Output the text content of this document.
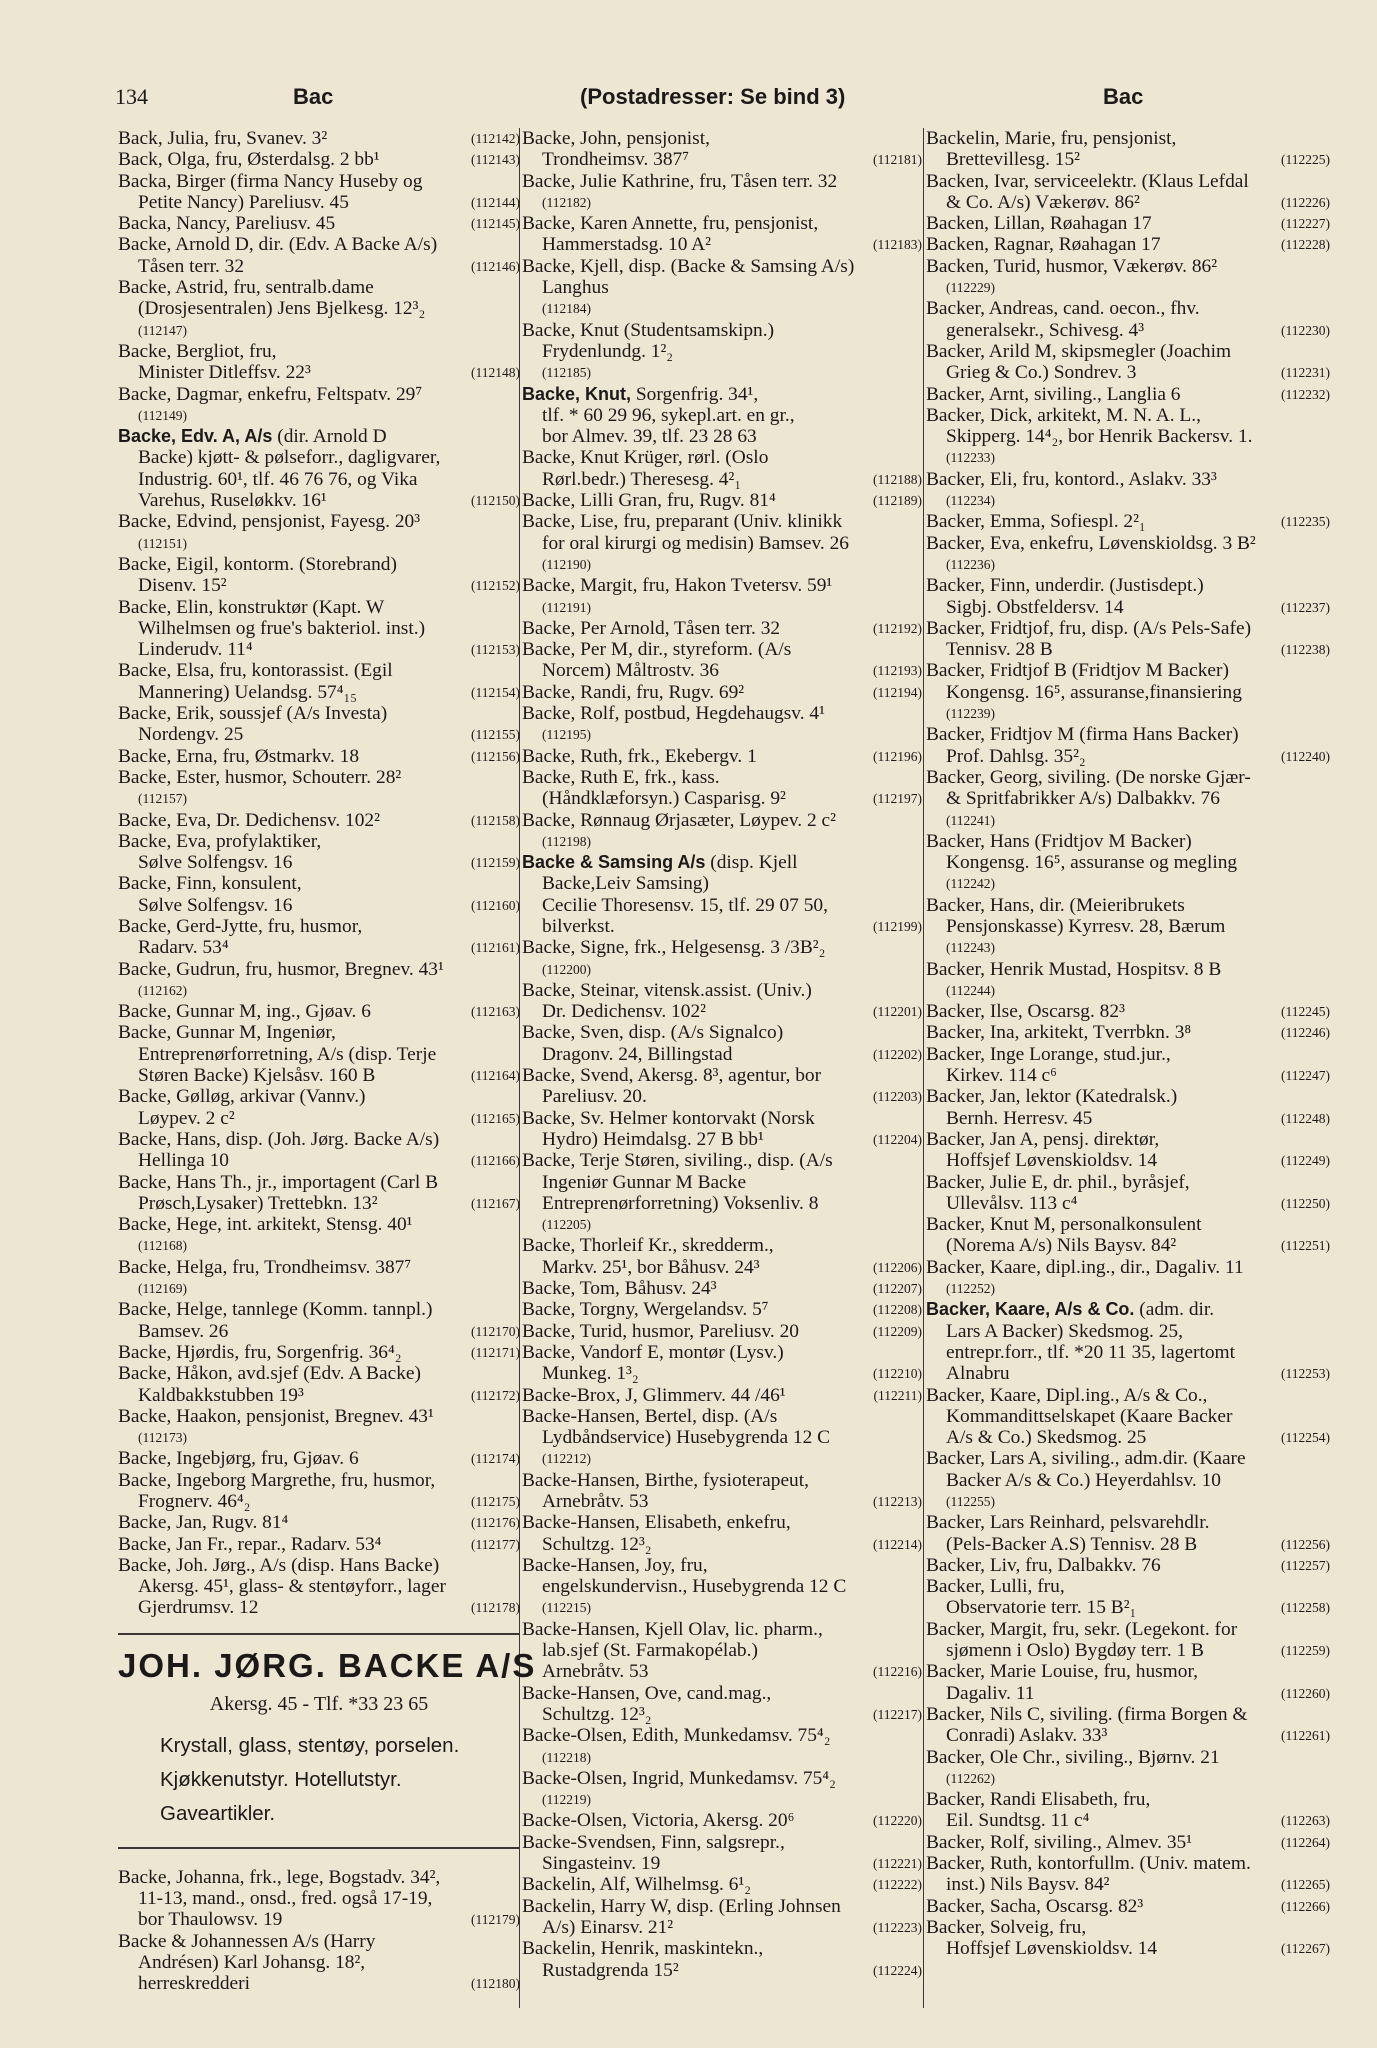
134	Bac	(Postadresser: Se bind 3)	Bac
Back, Julia, fru, Svanev. 3²	(112142)
Back, Olga, fru, Østerdalsg. 2 bb¹	(112143)
Backa, Birger (firma Nancy Huseby og
Petite Nancy) Pareliusv. 45	(112144)
Backa, Nancy, Pareliusv. 45	(112145)
Backe, Arnold D, dir. (Edv. A Backe A/s)
Tåsen terr. 32	(112146)
Backe, Astrid, fru, sentralb.dame
(Drosjesentralen) Jens Bjelkesg. 12³₂
(112147)
Backe, Bergliot, fru,
Minister Ditleffsv. 22³	(112148)
Backe, Dagmar, enkefru, Feltspatv. 29⁷
(112149)
Backe, Edv. A, A/s (dir. Arnold D
Backe) kjøtt- & pølseforr., dagligvarer,
Industrig. 60¹, tlf. 46 76 76, og Vika
Varehus, Ruseløkkv. 16¹	(112150)
Backe, Edvind, pensjonist, Fayesg. 20³
(112151)
Backe, Eigil, kontorm. (Storebrand)
Disenv. 15²	(112152)
Backe, Elin, konstruktør (Kapt. W
Wilhelmsen og frue's bakteriol. inst.)
Linderudv. 11⁴	(112153)
Backe, Elsa, fru, kontorassist. (Egil
Mannering) Uelandsg. 57⁴₁₅	(112154)
Backe, Erik, soussjef (A/s Investa)
Nordengv. 25	(112155)
Backe, Erna, fru, Østmarkv. 18	(112156)
Backe, Ester, husmor, Schouterr. 28²
(112157)
Backe, Eva, Dr. Dedichensv. 102²	(112158)
Backe, Eva, profylaktiker,
Sølve Solfengsv. 16	(112159)
Backe, Finn, konsulent,
Sølve Solfengsv. 16	(112160)
Backe, Gerd-Jytte, fru, husmor,
Radarv. 53⁴	(112161)
Backe, Gudrun, fru, husmor, Bregnev. 43¹
(112162)
Backe, Gunnar M, ing., Gjøav. 6	(112163)
Backe, Gunnar M, Ingeniør,
Entreprenørforretning, A/s (disp. Terje
Støren Backe) Kjelsåsv. 160 B	(112164)
Backe, Gølløg, arkivar (Vannv.)
Løypev. 2 c²	(112165)
Backe, Hans, disp. (Joh. Jørg. Backe A/s)
Hellinga 10	(112166)
Backe, Hans Th., jr., importagent (Carl B
Prøsch,Lysaker) Trettebkn. 13²	(112167)
Backe, Hege, int. arkitekt, Stensg. 40¹
(112168)
Backe, Helga, fru, Trondheimsv. 387⁷
(112169)
Backe, Helge, tannlege (Komm. tannpl.)
Bamsev. 26	(112170)
Backe, Hjørdis, fru, Sorgenfrig. 36⁴₂	(112171)
Backe, Håkon, avd.sjef (Edv. A Backe)
Kaldbakkstubben 19³	(112172)
Backe, Haakon, pensjonist, Bregnev. 43¹
(112173)
Backe, Ingebjørg, fru, Gjøav. 6	(112174)
Backe, Ingeborg Margrethe, fru, husmor,
Frognerv. 46⁴₂	(112175)
Backe, Jan, Rugv. 81⁴	(112176)
Backe, Jan Fr., repar., Radarv. 53⁴	(112177)
Backe, Joh. Jørg., A/s (disp. Hans Backe)
Akersg. 45¹, glass- & stentøyforr., lager
Gjerdrumsv. 12	(112178)
JOH. JØRG. BACKE A/S
Akersg. 45 - Tlf. *33 23 65
Krystall, glass, stentøy, porselen.
Kjøkkenutstyr. Hotellutstyr.
Gaveartikler.
Backe, Johanna, frk., lege, Bogstadv. 34²,
11-13, mand., onsd., fred. også 17-19,
bor Thaulowsv. 19	(112179)
Backe & Johannessen A/s (Harry
Andrésen) Karl Johansg. 18²,
herreskredderi	(112180)
Backe, John, pensjonist,
Trondheimsv. 387⁷	(112181)
Backe, Julie Kathrine, fru, Tåsen terr. 32
(112182)
Backe, Karen Annette, fru, pensjonist,
Hammerstadsg. 10 A²	(112183)
Backe, Kjell, disp. (Backe & Samsing A/s)
Langhus
(112184)
Backe, Knut (Studentsamskipn.)
Frydenlundg. 1²₂
(112185)
Backe, Knut, Sorgenfrig. 34¹,
tlf. * 60 29 96, sykepl.art. en gr.,
bor Almev. 39, tlf. 23 28 63
Backe, Knut Krüger, rørl. (Oslo
Rørl.bedr.) Theresesg. 4²₁	(112188)
Backe, Lilli Gran, fru, Rugv. 81⁴	(112189)
Backe, Lise, fru, preparant (Univ. klinikk
for oral kirurgi og medisin) Bamsev. 26
(112190)
Backe, Margit, fru, Hakon Tvetersv. 59¹
(112191)
Backe, Per Arnold, Tåsen terr. 32	(112192)
Backe, Per M, dir., styreform. (A/s
Norcem) Måltrostv. 36	(112193)
Backe, Randi, fru, Rugv. 69²	(112194)
Backe, Rolf, postbud, Hegdehaugsv. 4¹
(112195)
Backe, Ruth, frk., Ekebergv. 1	(112196)
Backe, Ruth E, frk., kass.
(Håndklæforsyn.) Casparisg. 9²	(112197)
Backe, Rønnaug Ørjasæter, Løypev. 2 c²
(112198)
Backe & Samsing A/s (disp. Kjell
Backe,Leiv Samsing)
Cecilie Thoresensv. 15, tlf. 29 07 50,
bilverkst.	(112199)
Backe, Signe, frk., Helgesensg. 3 /3B²₂
(112200)
Backe, Steinar, vitensk.assist. (Univ.)
Dr. Dedichensv. 102²	(112201)
Backe, Sven, disp. (A/s Signalco)
Dragonv. 24, Billingstad	(112202)
Backe, Svend, Akersg. 8³, agentur, bor
Pareliusv. 20.	(112203)
Backe, Sv. Helmer kontorvakt (Norsk
Hydro) Heimdalsg. 27 B bb¹	(112204)
Backe, Terje Støren, siviling., disp. (A/s
Ingeniør Gunnar M Backe
Entreprenørforretning) Voksenliv. 8
(112205)
Backe, Thorleif Kr., skredderm.,
Markv. 25¹, bor Båhusv. 24³	(112206)
Backe, Tom, Båhusv. 24³	(112207)
Backe, Torgny, Wergelandsv. 5⁷	(112208)
Backe, Turid, husmor, Pareliusv. 20	(112209)
Backe, Vandorf E, montør (Lysv.)
Munkeg. 1³₂	(112210)
Backe-Brox, J, Glimmerv. 44 /46¹	(112211)
Backe-Hansen, Bertel, disp. (A/s
Lydbåndservice) Husebygrenda 12 C
(112212)
Backe-Hansen, Birthe, fysioterapeut,
Arnebråtv. 53	(112213)
Backe-Hansen, Elisabeth, enkefru,
Schultzg. 12³₂	(112214)
Backe-Hansen, Joy, fru,
engelskundervisn., Husebygrenda 12 C
(112215)
Backe-Hansen, Kjell Olav, lic. pharm.,
lab.sjef (St. Farmakopélab.)
Arnebråtv. 53	(112216)
Backe-Hansen, Ove, cand.mag.,
Schultzg. 12³₂	(112217)
Backe-Olsen, Edith, Munkedamsv. 75⁴₂
(112218)
Backe-Olsen, Ingrid, Munkedamsv. 75⁴₂
(112219)
Backe-Olsen, Victoria, Akersg. 20⁶	(112220)
Backe-Svendsen, Finn, salgsrepr.,
Singasteinv. 19	(112221)
Backelin, Alf, Wilhelmsg. 6¹₂	(112222)
Backelin, Harry W, disp. (Erling Johnsen
A/s) Einarsv. 21²	(112223)
Backelin, Henrik, maskintekn.,
Rustadgrenda 15²	(112224)
Backelin, Marie, fru, pensjonist,
Brettevillesg. 15²	(112225)
Backen, Ivar, serviceelektr. (Klaus Lefdal
& Co. A/s) Vækerøv. 86²	(112226)
Backen, Lillan, Røahagan 17	(112227)
Backen, Ragnar, Røahagan 17	(112228)
Backen, Turid, husmor, Vækerøv. 86²
(112229)
Backer, Andreas, cand. oecon., fhv.
generalsekr., Schivesg. 4³	(112230)
Backer, Arild M, skipsmegler (Joachim
Grieg & Co.) Sondrev. 3	(112231)
Backer, Arnt, siviling., Langlia 6	(112232)
Backer, Dick, arkitekt, M. N. A. L.,
Skipperg. 14⁴₂, bor Henrik Backersv. 1.
(112233)
Backer, Eli, fru, kontord., Aslakv. 33³
(112234)
Backer, Emma, Sofiespl. 2²₁	(112235)
Backer, Eva, enkefru, Løvenskioldsg. 3 B²
(112236)
Backer, Finn, underdir. (Justisdept.)
Sigbj. Obstfeldersv. 14	(112237)
Backer, Fridtjof, fru, disp. (A/s Pels-Safe)
Tennisv. 28 B	(112238)
Backer, Fridtjof B (Fridtjov M Backer)
Kongensg. 16⁵, assuranse,finansiering
(112239)
Backer, Fridtjov M (firma Hans Backer)
Prof. Dahlsg. 35²₂	(112240)
Backer, Georg, siviling. (De norske Gjær-
& Spritfabrikker A/s) Dalbakkv. 76
(112241)
Backer, Hans (Fridtjov M Backer)
Kongensg. 16⁵, assuranse og megling
(112242)
Backer, Hans, dir. (Meieribrukets
Pensjonskasse) Kyrresv. 28, Bærum
(112243)
Backer, Henrik Mustad, Hospitsv. 8 B
(112244)
Backer, Ilse, Oscarsg. 82³	(112245)
Backer, Ina, arkitekt, Tverrbkn. 3⁸	(112246)
Backer, Inge Lorange, stud.jur.,
Kirkev. 114 c⁶	(112247)
Backer, Jan, lektor (Katedralsk.)
Bernh. Herresv. 45	(112248)
Backer, Jan A, pensj. direktør,
Hoffsjef Løvenskioldsv. 14	(112249)
Backer, Julie E, dr. phil., byråsjef,
Ullevålsv. 113 c⁴	(112250)
Backer, Knut M, personalkonsulent
(Norema A/s) Nils Baysv. 84²	(112251)
Backer, Kaare, dipl.ing., dir., Dagaliv. 11
(112252)
Backer, Kaare, A/s & Co. (adm. dir.
Lars A Backer) Skedsmog. 25,
entrepr.forr., tlf. *20 11 35, lagertomt
Alnabru	(112253)
Backer, Kaare, Dipl.ing., A/s & Co.,
Kommandittselskapet (Kaare Backer
A/s & Co.) Skedsmog. 25	(112254)
Backer, Lars A, siviling., adm.dir. (Kaare
Backer A/s & Co.) Heyerdahlsv. 10
(112255)
Backer, Lars Reinhard, pelsvarehdlr.
(Pels-Backer A.S) Tennisv. 28 B	(112256)
Backer, Liv, fru, Dalbakkv. 76	(112257)
Backer, Lulli, fru,
Observatorie terr. 15 B²₁	(112258)
Backer, Margit, fru, sekr. (Legekont. for
sjømenn i Oslo) Bygdøy terr. 1 B	(112259)
Backer, Marie Louise, fru, husmor,
Dagaliv. 11	(112260)
Backer, Nils C, siviling. (firma Borgen &
Conradi) Aslakv. 33³	(112261)
Backer, Ole Chr., siviling., Bjørnv. 21
(112262)
Backer, Randi Elisabeth, fru,
Eil. Sundtsg. 11 c⁴	(112263)
Backer, Rolf, siviling., Almev. 35¹	(112264)
Backer, Ruth, kontorfullm. (Univ. matem.
inst.) Nils Baysv. 84²	(112265)
Backer, Sacha, Oscarsg. 82³	(112266)
Backer, Solveig, fru,
Hoffsjef Løvenskioldsv. 14	(112267)
